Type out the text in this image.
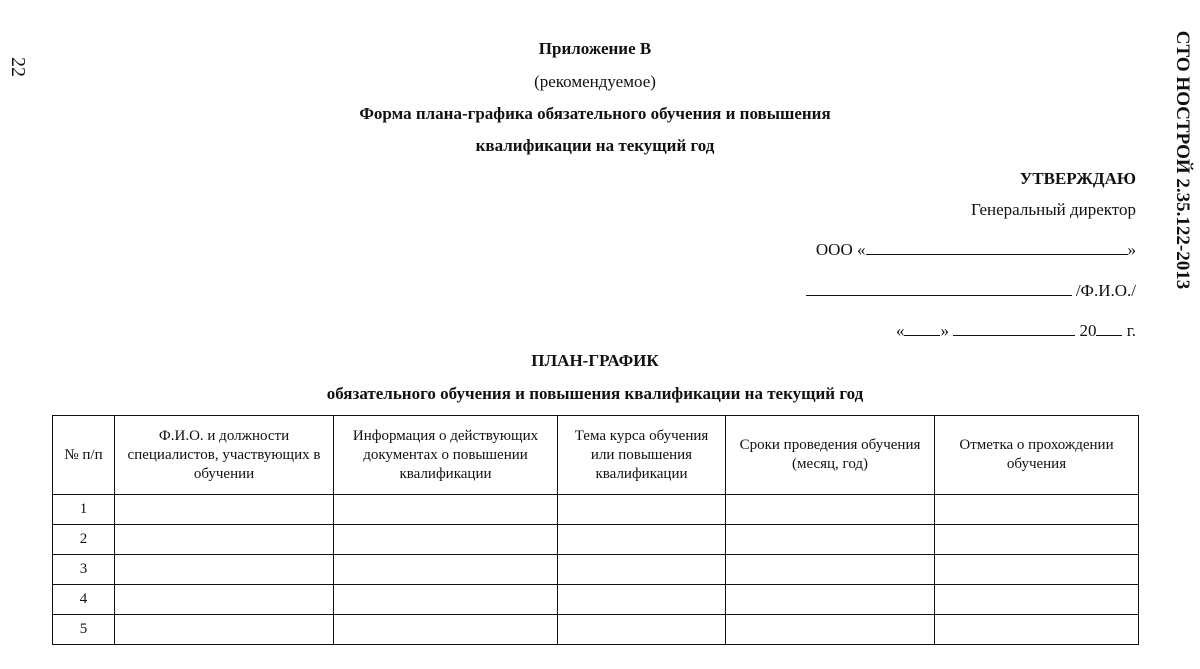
22	СТО НОСТРОЙ 2.35.122-2013
Приложение В
(рекомендуемое)
Форма плана-графика обязательного обучения и повышения
квалификации на текущий год
УТВЕРЖДАЮ
Генеральный директор
ООО «	»
/Ф.И.О./
« »	20 г.
ПЛАН-ГРАФИК
обязательного обучения и повышения квалификации на текущий год
№ п/п	Ф.И.О. и должности специалистов, участвующих в обучении	Информация о действующих документах о повышении квалификации	Тема курса обучения или повышения квалификации	Сроки проведения обучения (месяц, год)	Отметка о прохождении обучения
1					
2					
3					
4					
5					
